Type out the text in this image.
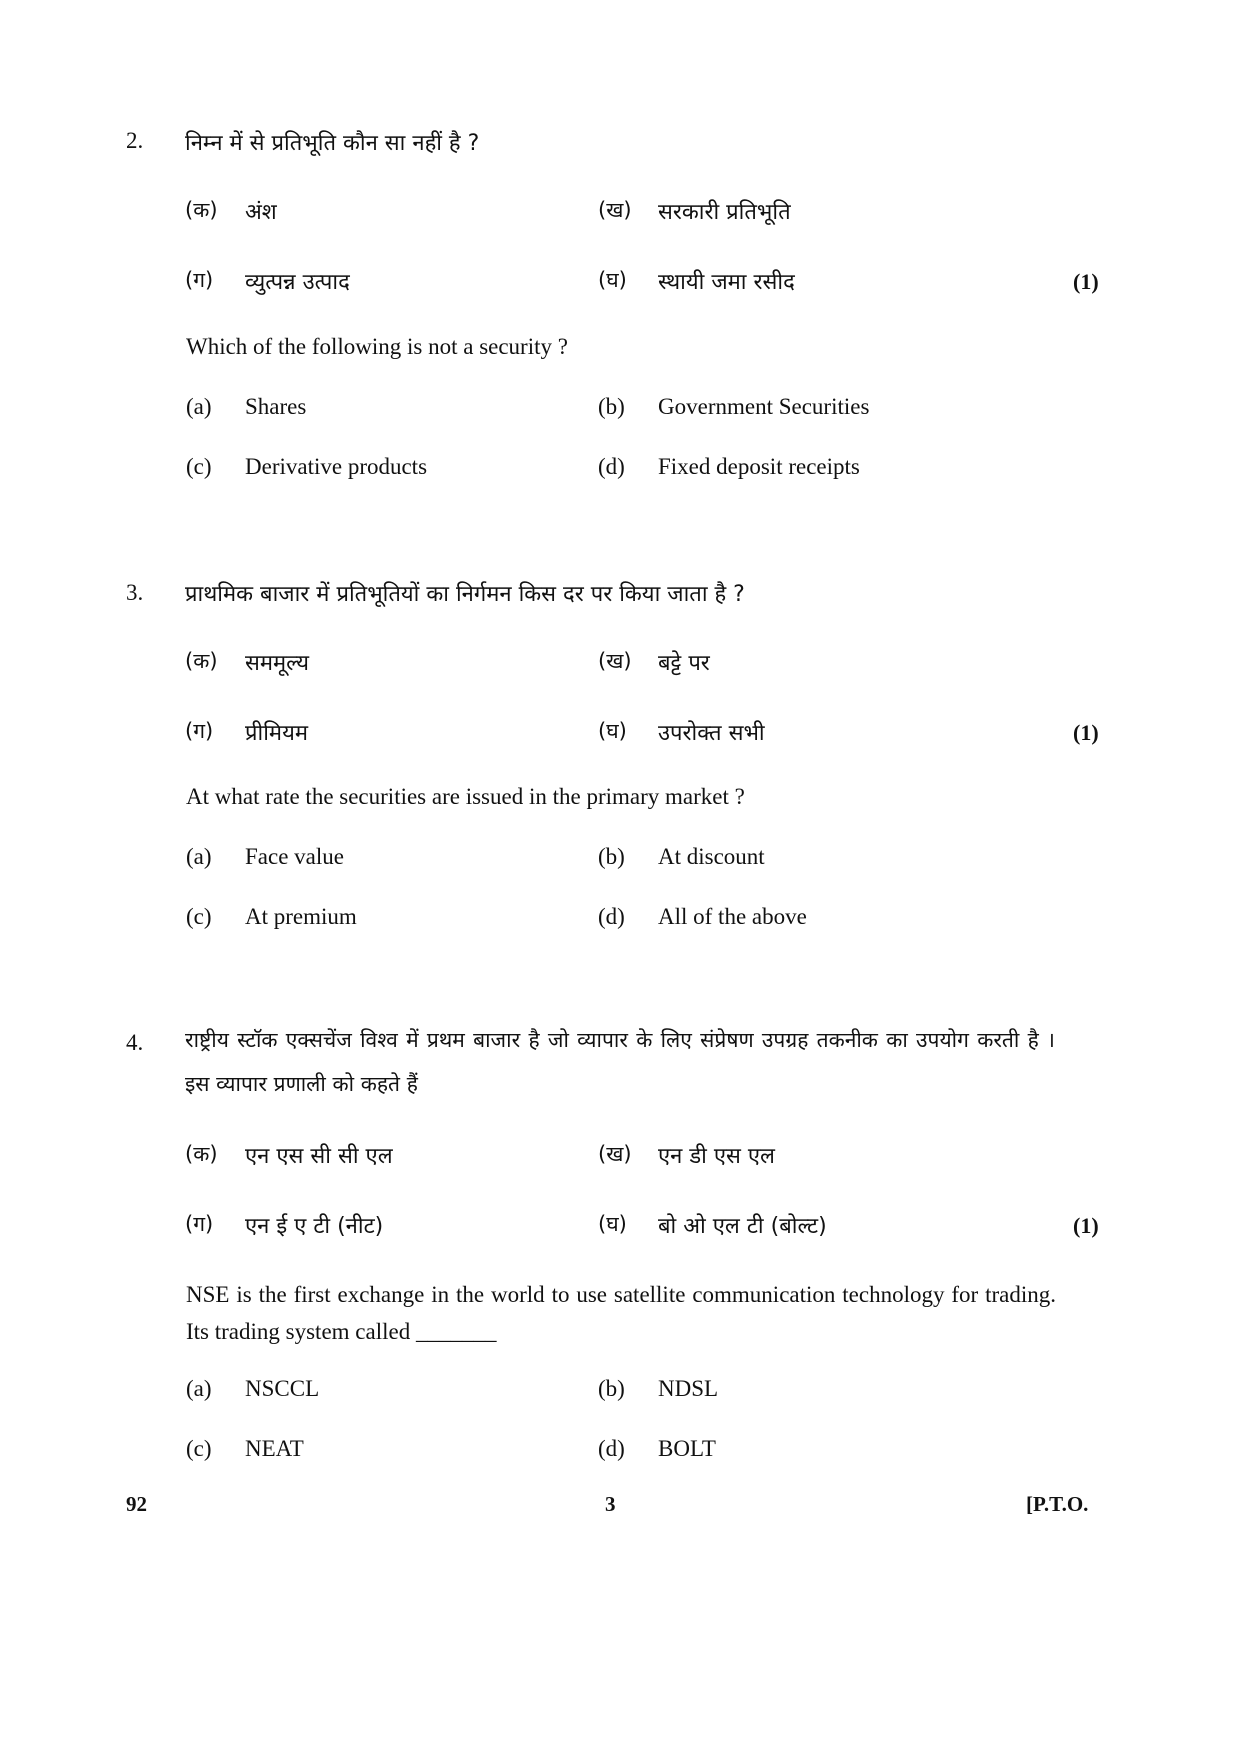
2. निम्न में से प्रतिभूति कौन सा नहीं है ?
(क) अंश	(ख) सरकारी प्रतिभूति
(ग) व्युत्पन्न उत्पाद	(घ) स्थायी जमा रसीद	(1)
Which of the following is not a security ?
(a) Shares	(b) Government Securities
(c) Derivative products	(d) Fixed deposit receipts
3. प्राथमिक बाजार में प्रतिभूतियों का निर्गमन किस दर पर किया जाता है ?
(क) सममूल्य	(ख) बट्टे पर
(ग) प्रीमियम	(घ) उपरोक्त सभी	(1)
At what rate the securities are issued in the primary market ?
(a) Face value	(b) At discount
(c) At premium	(d) All of the above
4. राष्ट्रीय स्टॉक एक्सचेंज विश्व में प्रथम बाजार है जो व्यापार के लिए संप्रेषण उपग्रह तकनीक का उपयोग करती है । इस व्यापार प्रणाली को कहते हैं
(क) एन एस सी सी एल	(ख) एन डी एस एल
(ग) एन ई ए टी (नीट)	(घ) बो ओ एल टी (बोल्ट)	(1)
NSE is the first exchange in the world to use satellite communication technology for trading. Its trading system called _______
(a) NSCCL	(b) NDSL
(c) NEAT	(d) BOLT
92	3	[P.T.O.
